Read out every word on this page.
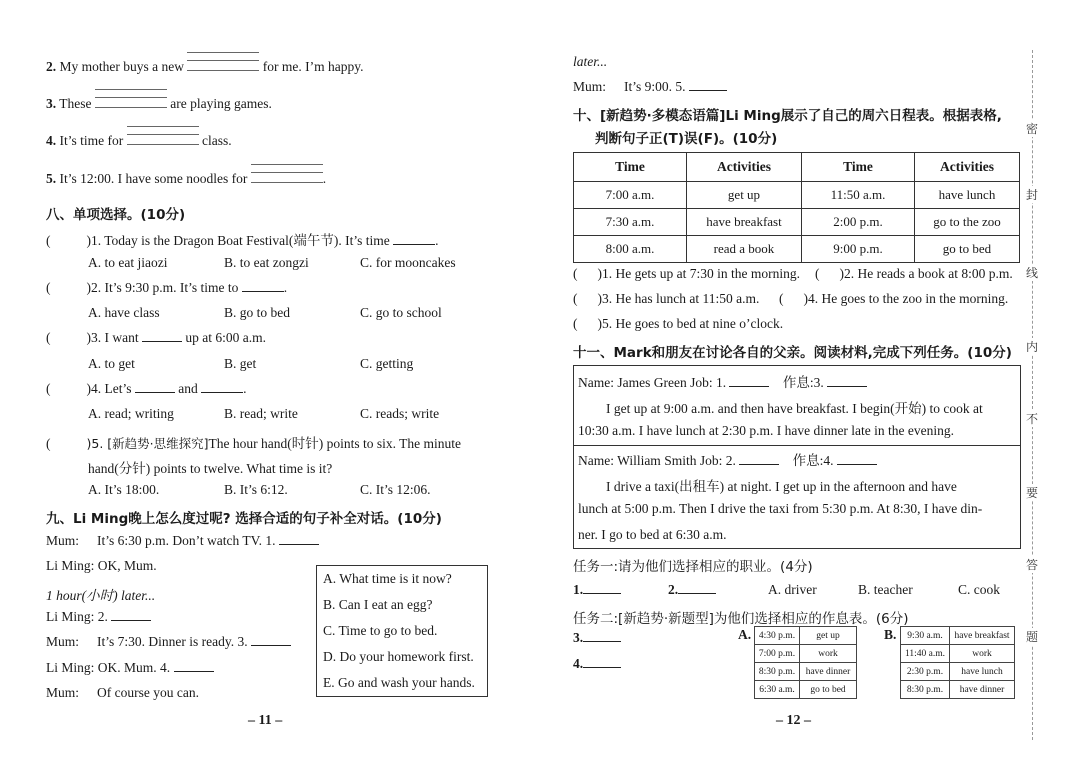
2. My mother buys a new	for me. I’m happy.
3. These	are playing games.
4. It’s time for	class.
5. It’s 12:00. I have some noodles for	.
八、单项选择。(10分)
(	)1. Today is the Dragon Boat Festival(端午节). It’s time	.
A. to eat jiaozi	B. to eat zongzi	C. for mooncakes
(	)2. It’s 9:30 p.m. It’s time to	.
A. have class	B. go to bed	C. go to school
(	)3. I want	up at 6:00 a.m.
A. to get	B. get	C. getting
(	)4. Let’s	and	.
A. read; writing	B. read; write	C. reads; write
(	)5. [新趋势·思维探究]The hour hand(时针) points to six. The minute
hand(分针) points to twelve. What time is it?
A. It’s 18:00.	B. It’s 6:12.	C. It’s 12:06.
九、Li Ming晚上怎么度过呢? 选择合适的句子补全对话。(10分)
Mum: It’s 6:30 p.m. Don’t watch TV. 1.
Li Ming: OK, Mum.
1 hour(小时) later...
Li Ming: 2.
Mum: It’s 7:30. Dinner is ready. 3.
Li Ming: OK. Mum. 4.
Mum: Of course you can.
A. What time is it now?
B. Can I eat an egg?
C. Time to go to bed.
D. Do your homework first.
E. Go and wash your hands.
– 11 –
later...
Mum: It’s 9:00. 5.
十、[新趋势·多模态语篇]Li Ming展示了自己的周六日程表。根据表格,
判断句子正(T)误(F)。(10分)
Time	Activities	Time	Activities
7:00 a.m.	get up	11:50 a.m.	have lunch
7:30 a.m.	have breakfast	2:00 p.m.	go to the zoo
8:00 a.m.	read a book	9:00 p.m.	go to bed
( )1. He gets up at 7:30 in the morning. ( )2. He reads a book at 8:00 p.m.
( )3. He has lunch at 11:50 a.m. ( )4. He goes to the zoo in the morning.
( )5. He goes to bed at nine o’clock.
十一、Mark和朋友在讨论各自的父亲。阅读材料,完成下列任务。(10分)
Name: James Green Job: 1.	作息:3.
I get up at 9:00 a.m. and then have breakfast. I begin(开始) to cook at
10:30 a.m. I have lunch at 2:30 p.m. I have dinner late in the evening.
Name: William Smith Job: 2.	作息:4.
I drive a taxi(出租车) at night. I get up in the afternoon and have
lunch at 5:00 p.m. Then I drive the taxi from 5:30 p.m. At 8:30, I have din-
ner. I go to bed at 6:30 a.m.
任务一:请为他们选择相应的职业。(4分)
1.	2.	A. driver	B. teacher	C. cook
任务二:[新趋势·新题型]为他们选择相应的作息表。(6分)
3.
4.
A. 4:30 p.m.	get up
7:00 p.m.	work
8:30 p.m.	have dinner
6:30 a.m.	go to bed
B. 9:30 a.m.	have breakfast
11:40 a.m.	work
2:30 p.m.	have lunch
8:30 p.m.	have dinner
– 12 –
密
封
线
内
不
要
答
题
